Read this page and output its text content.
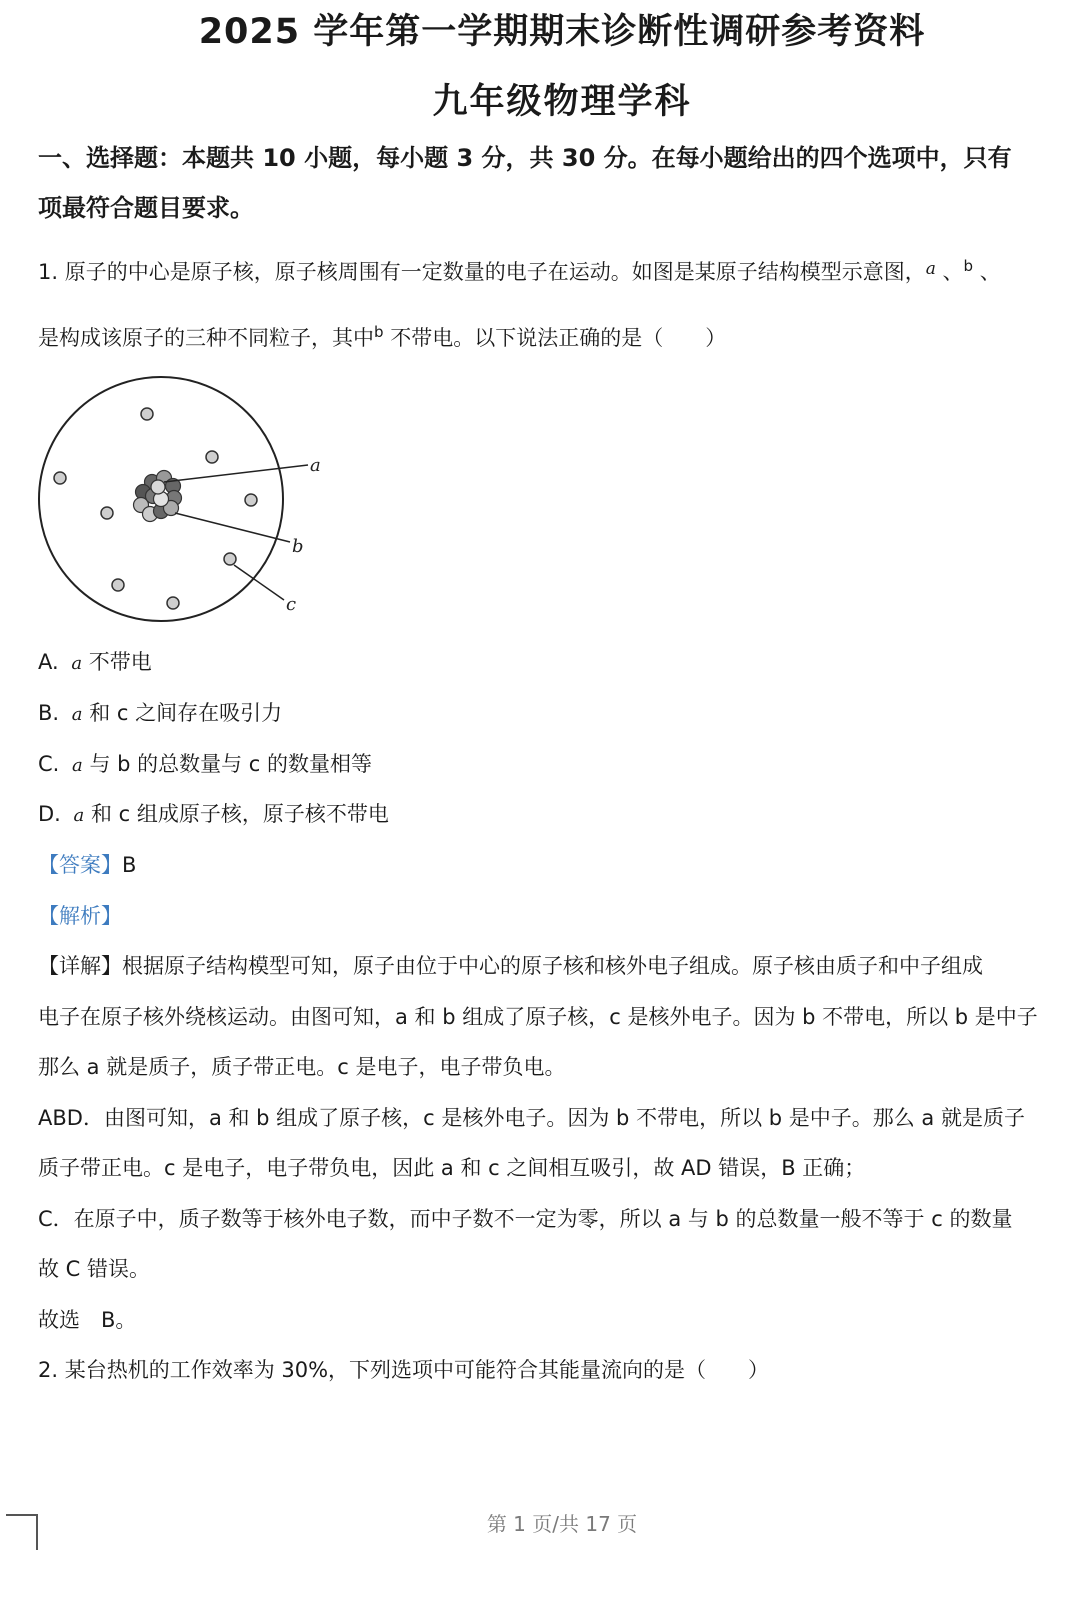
2025 学年第一学期期末诊断性调研参考资料
九年级物理学科
一、选择题：本题共 10 小题，每小题 3 分，共 30 分。在每小题给出的四个选项中，只有
项最符合题目要求。
1. 原子的中心是原子核，原子核周围有一定数量的电子在运动。如图是某原子结构模型示意图，$^a$ 、$^b$ 、
是构成该原子的三种不同粒子，其中$^b$ 不带电。以下说法正确的是（　　）
a
b
c
A. a 不带电
B. a 和 c 之间存在吸引力
C. a 与 b 的总数量与 c 的数量相等
D. a 和 c 组成原子核，原子核不带电
【答案】B
【解析】
【详解】根据原子结构模型可知，原子由位于中心的原子核和核外电子组成。原子核由质子和中子组成
电子在原子核外绕核运动。由图可知，a 和 b 组成了原子核，c 是核外电子。因为 b 不带电，所以 b 是中子
那么 a 就是质子，质子带正电。c 是电子，电子带负电。
ABD．由图可知，a 和 b 组成了原子核，c 是核外电子。因为 b 不带电，所以 b 是中子。那么 a 就是质子
质子带正电。c 是电子，电子带负电，因此 a 和 c 之间相互吸引，故 AD 错误，B 正确；
C．在原子中，质子数等于核外电子数，而中子数不一定为零，所以 a 与 b 的总数量一般不等于 c 的数量
故 C 错误。
故选　B。
2. 某台热机的工作效率为 30%，下列选项中可能符合其能量流向的是（　　）
第 1 页/共 17 页
